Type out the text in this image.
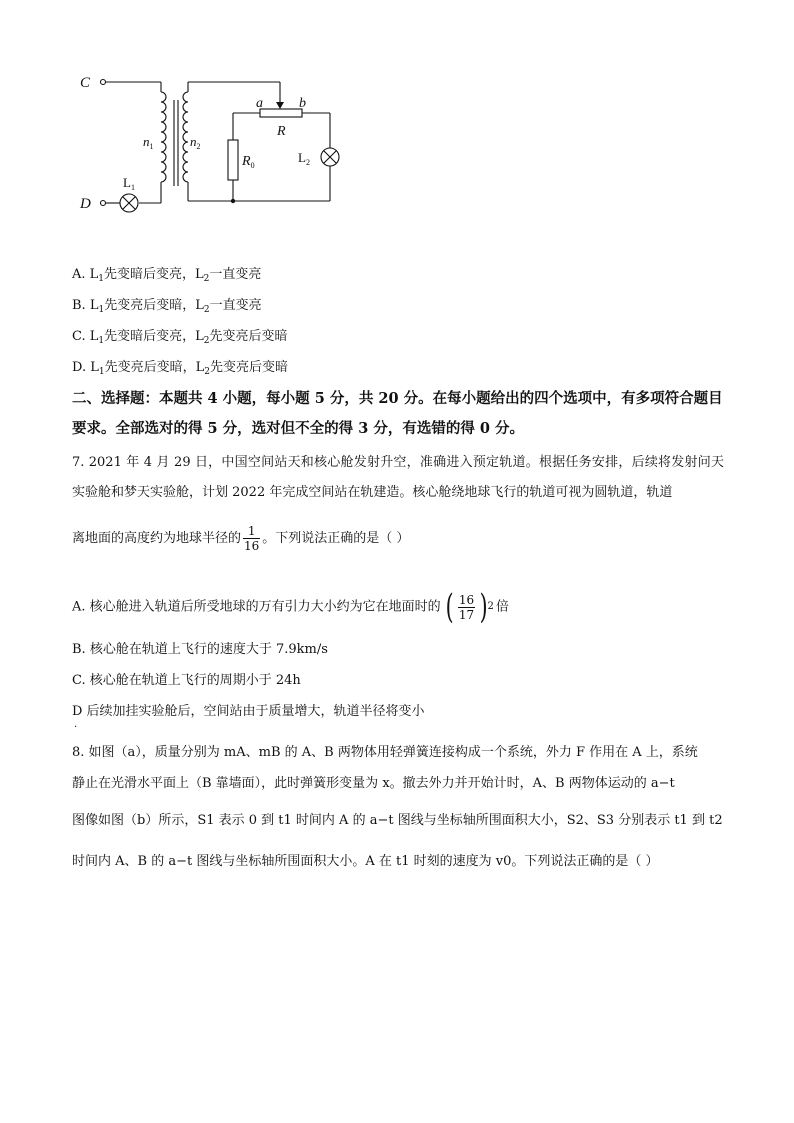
C
D
$n_1$	$n_2$
a	b
R
$R_0$
$L_2$
$L_1$
A. $L_1$先变暗后变亮，$L_2$一直变亮
B. $L_1$先变亮后变暗，$L_2$一直变亮
C. $L_1$先变暗后变亮，$L_2$先变亮后变暗
D. $L_1$先变亮后变暗，$L_2$先变亮后变暗
二、选择题：本题共 4 小题，每小题 5 分，共 20 分。在每小题给出的四个选项中，有多项符合题目要求。全部选对的得 5 分，选对但不全的得 3 分，有选错的得 0 分。
7. 2021 年 4 月 29 日，中国空间站天和核心舱发射升空，准确进入预定轨道。根据任务安排，后续将发射问天实验舱和梦天实验舱，计划 2022 年完成空间站在轨建造。核心舱绕地球飞行的轨道可视为圆轨道，轨道
离地面的高度约为地球半径的 $\frac{1}{16}$ 。下列说法正确的是（ ）
A. 核心舱进入轨道后所受地球的万有引力大小约为它在地面时的 ( $\frac{16}{17}$ ) 2 倍
B. 核心舱在轨道上飞行的速度大于 7.9km/s
C. 核心舱在轨道上飞行的周期小于 24h
D 后续加挂实验舱后，空间站由于质量增大，轨道半径将变小
·
8. 如图（a），质量分别为 mA、mB 的 A、B 两物体用轻弹簧连接构成一个系统，外力 F 作用在 A 上，系统
静止在光滑水平面上（B 靠墙面），此时弹簧形变量为 x。撤去外力并开始计时，A、B 两物体运动的 a−t
图像如图（b）所示，S1 表示 0 到 t1 时间内 A 的 a−t 图线与坐标轴所围面积大小，S2、S3 分别表示 t1 到 t2
时间内 A、B 的 a−t 图线与坐标轴所围面积大小。A 在 t1 时刻的速度为 v0。下列说法正确的是（ ）
